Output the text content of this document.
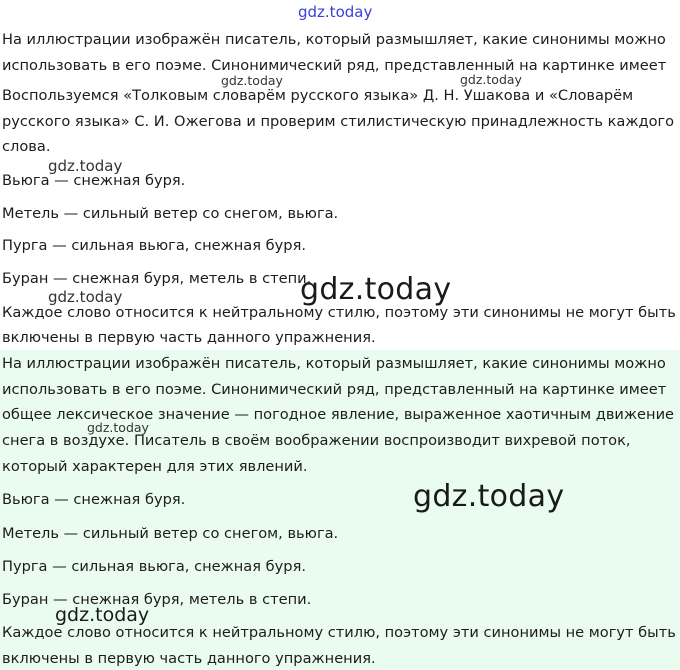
На иллюстрации изображён писатель, который размышляет, какие синонимы можно
использовать в его поэме. Синонимический ряд, представленный на картинке имеет
Воспользуемся «Толковым словарём русского языка» Д. Н. Ушакова и «Словарём
русского языка» С. И. Ожегова и проверим стилистическую принадлежность каждого
слова.
Вьюга — снежная буря.
Метель — сильный ветер со снегом, вьюга.
Пурга — сильная вьюга, снежная буря.
Буран — снежная буря, метель в степи.
Каждое слово относится к нейтральному стилю, поэтому эти синонимы не могут быть
включены в первую часть данного упражнения.
На иллюстрации изображён писатель, который размышляет, какие синонимы можно
использовать в его поэме. Синонимический ряд, представленный на картинке имеет
общее лексическое значение — погодное явление, выраженное хаотичным движение
снега в воздухе. Писатель в своём воображении воспроизводит вихревой поток,
который характерен для этих явлений.
Вьюга — снежная буря.
Метель — сильный ветер со снегом, вьюга.
Пурга — сильная вьюга, снежная буря.
Буран — снежная буря, метель в степи.
Каждое слово относится к нейтральному стилю, поэтому эти синонимы не могут быть
включены в первую часть данного упражнения.
gdz.today
gdz.today	gdz.today
gdz.today
gdz.today
gdz.today
gdz.today
gdz.today
gdz.today
